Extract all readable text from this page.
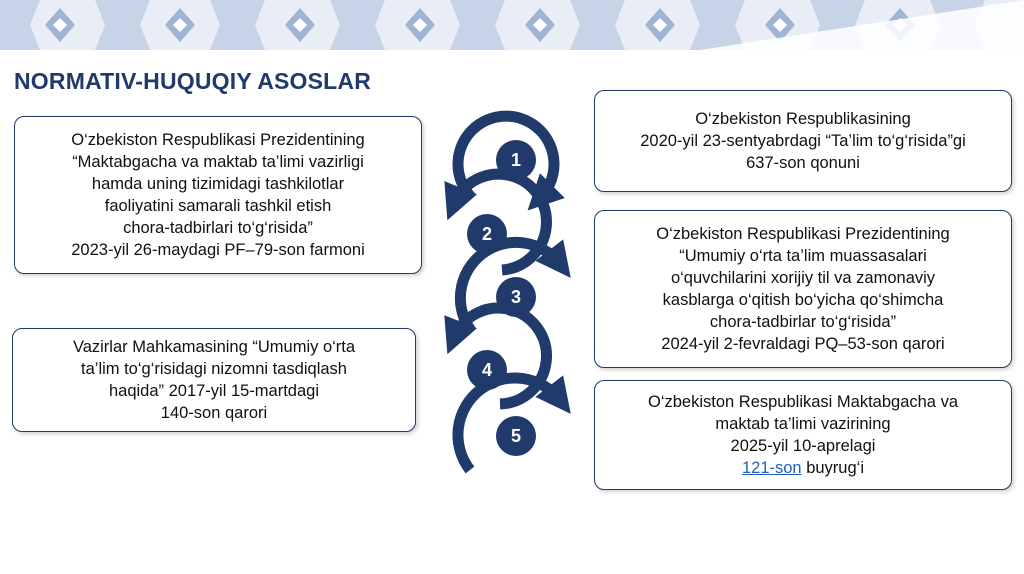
NORMATIV-HUQUQIY ASOSLAR
O‘zbekiston Respublikasi Prezidentining
“Maktabgacha va maktab ta’limi vazirligi
hamda uning tizimidagi tashkilotlar
faoliyatini samarali tashkil etish
chora-tadbirlari to‘g‘risida”
2023-yil 26-maydagi PF–79-son farmoni
Vazirlar Mahkamasining “Umumiy o‘rta
ta’lim to‘g‘risidagi nizomni tasdiqlash
haqida” 2017-yil 15-martdagi
140-son qarori
O‘zbekiston Respublikasining
2020-yil 23-sentyabrdagi “Ta’lim to‘g‘risida”gi
637-son qonuni
O‘zbekiston Respublikasi Prezidentining
“Umumiy o‘rta ta’lim muassasalari
o‘quvchilarini xorijiy til va zamonaviy
kasblarga o‘qitish bo‘yicha qo‘shimcha
chora-tadbirlar to‘g‘risida”
2024-yil 2-fevraldagi PQ–53-son qarori
O‘zbekiston Respublikasi Maktabgacha va
maktab ta’limi vazirining
2025-yil 10-aprelagi
121-son buyrug‘i
1
2
3
4
5
